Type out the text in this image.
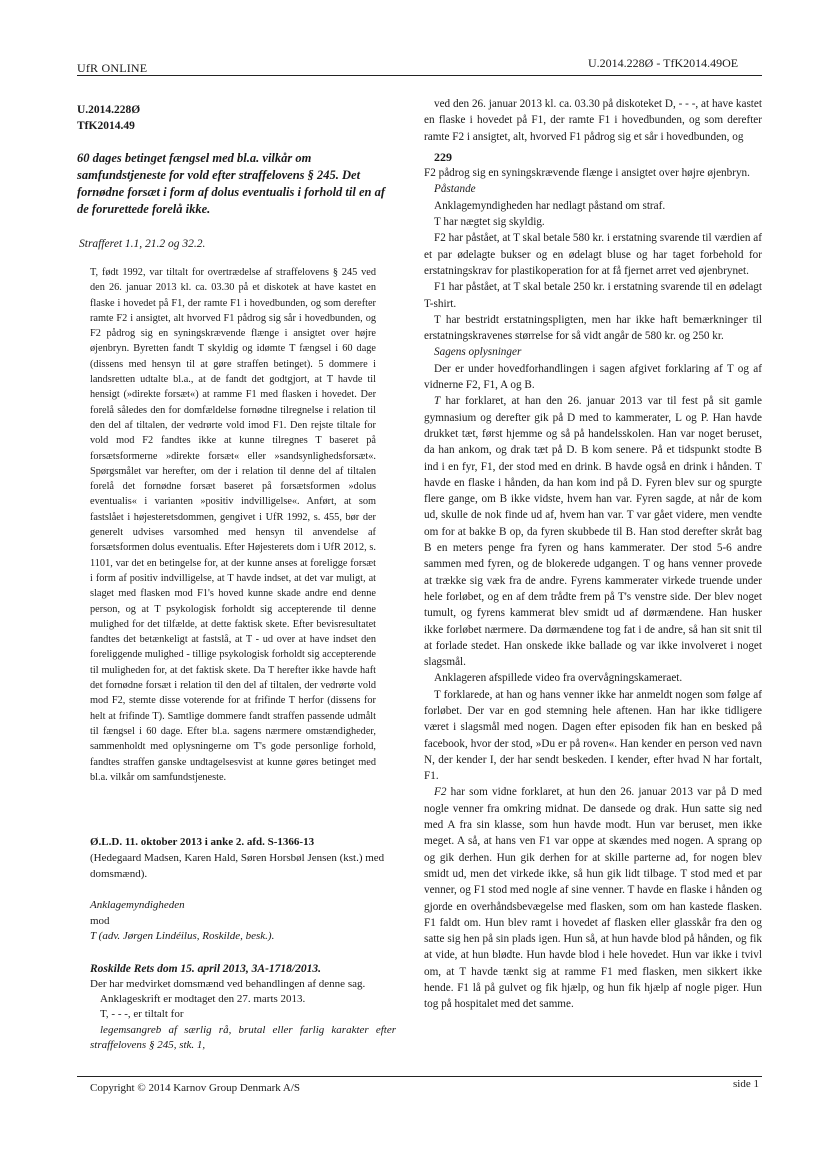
UfR ONLINE	U.2014.228Ø - TfK2014.49OE
U.2014.228Ø
TfK2014.49
60 dages betinget fængsel med bl.a. vilkår om samfundstjeneste for vold efter straffelovens § 245. Det fornødne forsæt i form af dolus eventualis i forhold til en af de forurettede forelå ikke.
Strafferet 1.1, 21.2 og 32.2.
T, født 1992, var tiltalt for overtrædelse af straffelovens § 245 ved den 26. januar 2013 kl. ca. 03.30 på et diskotek at have kastet en flaske i hovedet på F1, der ramte F1 i hovedbunden, og som derefter ramte F2 i ansigtet, alt hvorved F1 pådrog sig sår i hovedbunden, og F2 pådrog sig en syningskrævende flænge i ansigtet over højre øjenbryn. Byretten fandt T skyldig og idømte T fængsel i 60 dage (dissens med hensyn til at gøre straffen betinget). 5 dommere i landsretten udtalte bl.a., at de fandt det godtgjort, at T havde til hensigt (»direkte forsæt«) at ramme F1 med flasken i hovedet. Der forelå således den for domfældelse fornødne tilregnelse i relation til den del af tiltalen, der vedrørte vold imod F1. Den rejste tiltale for vold mod F2 fandtes ikke at kunne tilregnes T baseret på forsætsformerne »direkte forsæt« eller »sandsynlighedsforsæt«. Spørgsmålet var herefter, om der i relation til denne del af tiltalen forelå det fornødne forsæt baseret på forsætsformen »dolus eventualis« i varianten »positiv indvilligelse«. Anført, at som fastslået i højesteretsdommen, gengivet i UfR 1992, s. 455, bør der generelt udvises varsomhed med hensyn til anvendelse af forsætsformen dolus eventualis. Efter Højesterets dom i UfR 2012, s. 1101, var det en betingelse for, at der kunne anses at foreligge forsæt i form af positiv indvilligelse, at T havde indset, at det var muligt, at slaget med flasken mod F1's hoved kunne skade andre end denne person, og at T psykologisk forholdt sig accepterende til denne mulighed for det tilfælde, at dette faktisk skete. Efter bevisresultatet fandtes det betænkeligt at fastslå, at T - ud over at have indset den foreliggende mulighed - tillige psykologisk forholdt sig accepterende til muligheden for, at det faktisk skete. Da T herefter ikke havde haft det fornødne forsæt i relation til den del af tiltalen, der vedrørte vold mod F2, stemte disse voterende for at frifinde T herfor (dissens for helt at frifinde T). Samtlige dommere fandt straffen passende udmålt til fængsel i 60 dage. Efter bl.a. sagens nærmere omstændigheder, sammenholdt med oplysningerne om T's gode personlige forhold, fandtes straffen ganske undtagelsesvist at kunne gøres betinget med bl.a. vilkår om samfundstjeneste.
Ø.L.D. 11. oktober 2013 i anke 2. afd. S-1366-13
(Hedegaard Madsen, Karen Hald, Søren Horsbøl Jensen (kst.) med domsmænd).
Anklagemyndigheden
mod
T (adv. Jørgen Lindéilus, Roskilde, besk.).
Roskilde Rets dom 15. april 2013, 3A-1718/2013.
Der har medvirket domsmænd ved behandlingen af denne sag.
Anklageskrift er modtaget den 27. marts 2013.
T, - - -, er tiltalt for
legemsangreb af særlig rå, brutal eller farlig karakter efter straffelovens § 245, stk. 1,

ved den 26. januar 2013 kl. ca. 03.30 på diskoteket D, - - -, at have kastet en flaske i hovedet på F1, der ramte F1 i hovedbunden, og som derefter ramte F2 i ansigtet, alt, hvorved F1 pådrog sig et sår i hovedbunden, og

229

F2 pådrog sig en syningskrævende flænge i ansigtet over højre øjenbryn.

Påstande

Anklagemyndigheden har nedlagt påstand om straf.

T har nægtet sig skyldig.

F2 har påstået, at T skal betale 580 kr. i erstatning svarende til værdien af et par ødelagte bukser og en ødelagt bluse og har taget forbehold for erstatningskrav for plastikoperation for at få fjernet arret ved øjenbrynet.

F1 har påstået, at T skal betale 250 kr. i erstatning svarende til en ødelagt T-shirt.

T har bestridt erstatningspligten, men har ikke haft bemærkninger til erstatningskravenes størrelse for så vidt angår de 580 kr. og 250 kr.

Sagens oplysninger

Der er under hovedforhandlingen i sagen afgivet forklaring af T og af vidnerne F2, F1, A og B.

T har forklaret, at han den 26. januar 2013 var til fest på sit gamle gymnasium og derefter gik på D med to kammerater, L og P. Han havde drukket tæt, først hjemme og så på handelsskolen. Han var noget beruset, da han ankom, og drak tæt på D. B kom senere. På et tidspunkt stodte B ind i en fyr, F1, der stod med en drink. B havde også en drink i hånden. T havde en flaske i hånden, da han kom ind på D. Fyren blev sur og spurgte flere gange, om B ikke vidste, hvem han var. Fyren sagde, at når de kom ud, skulle de nok finde ud af, hvem han var. T var gået videre, men vendte om for at bakke B op, da fyren skubbede til B. Han stod derefter skråt bag B en meters penge fra fyren og hans kammerater. Der stod 5-6 andre sammen med fyren, og de blokerede udgangen. T og hans venner provede at trække sig væk fra de andre. Fyrens kammerater virkede truende under hele forløbet, og en af dem trådte frem på T's venstre side. Der blev noget tumult, og fyrens kammerat blev smidt ud af dørmændene. Han husker ikke forløbet nærmere. Da dørmændene tog fat i de andre, så han sit snit til at forlade stedet. Han onskede ikke ballade og var ikke involveret i noget slagsmål.

Anklageren afspillede video fra overvågningskameraet.

T forklarede, at han og hans venner ikke har anmeldt nogen som følge af forløbet. Der var en god stemning hele aftenen. Han har ikke tidligere været i slagsmål med nogen. Dagen efter episoden fik han en besked på facebook, hvor der stod, »Du er på roven«. Han kender en person ved navn N, der kender I, der har sendt beskeden. I kender, efter hvad N har fortalt, F1.

F2 har som vidne forklaret, at hun den 26. januar 2013 var på D med nogle venner fra omkring midnat. De dansede og drak. Hun satte sig ned med A fra sin klasse, som hun havde modt. Hun var beruset, men ikke meget. A så, at hans ven F1 var oppe at skændes med nogen. A sprang op og gik derhen. Hun gik derhen for at skille parterne ad, for nogen blev smidt ud, men det virkede ikke, så hun gik lidt tilbage. T stod med et par venner, og F1 stod med nogle af sine venner. T havde en flaske i hånden og gjorde en overhåndsbevægelse med flasken, som om han kastede flasken. F1 faldt om. Hun blev ramt i hovedet af flasken eller glasskår fra den og satte sig hen på sin plads igen. Hun så, at hun havde blod på hånden, og fik at vide, at hun blødte. Hun havde blod i hele hovedet. Hun var ikke i tvivl om, at T havde tænkt sig at ramme F1 med flasken, men sikkert ikke hende. F1 lå på gulvet og fik hjælp, og hun fik hjælp af nogle piger. Hun tog på hospitalet med det samme.

Copyright © 2014 Karnov Group Denmark A/S	side 1
